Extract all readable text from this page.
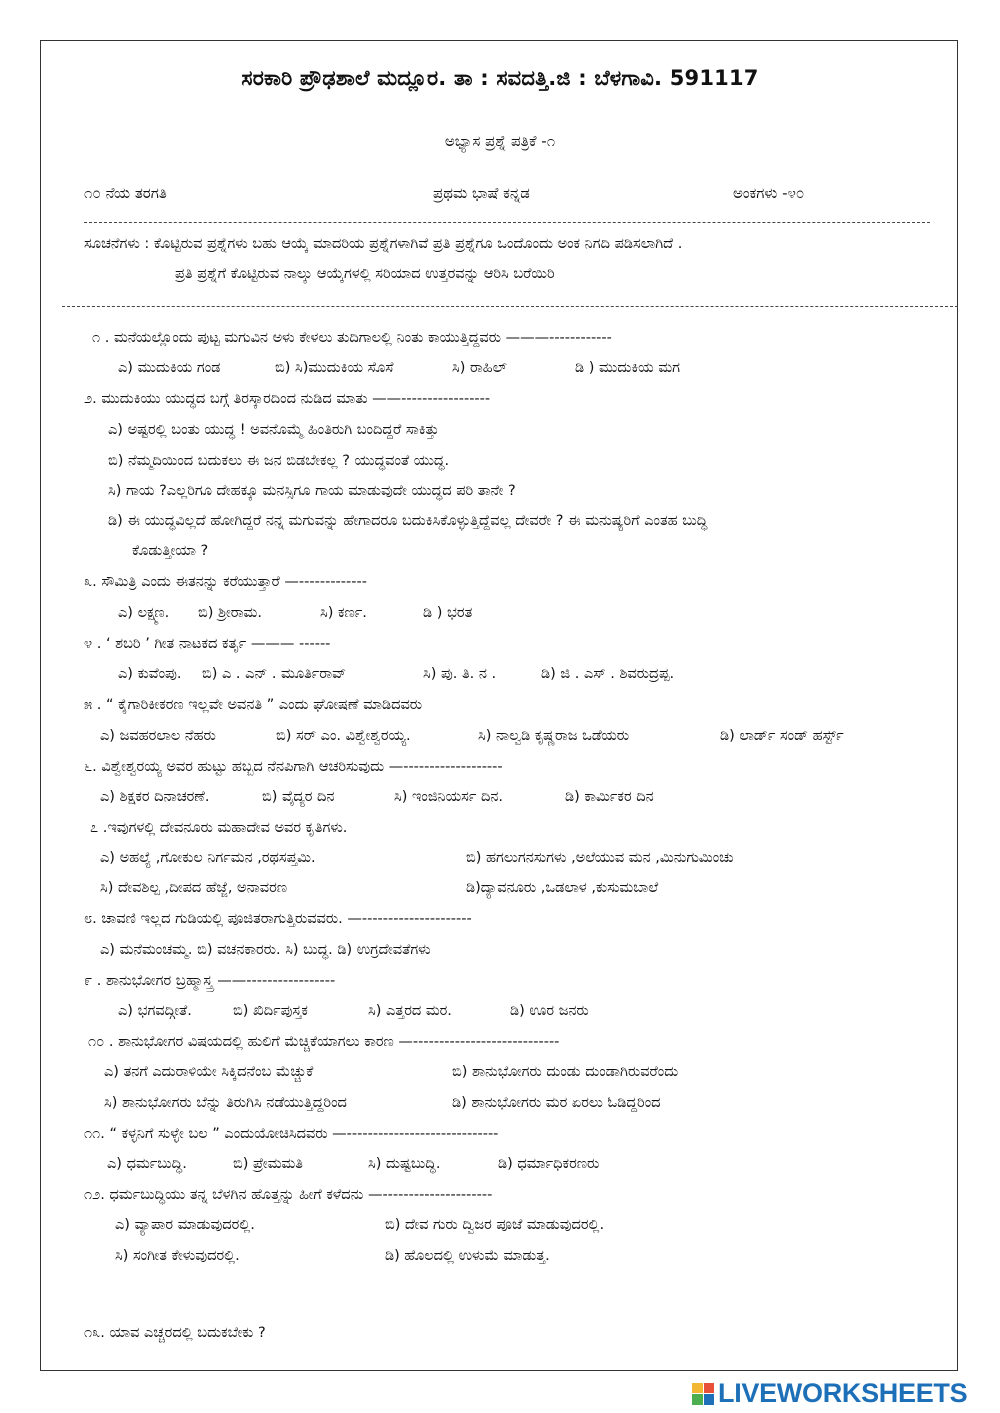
ಸರಕಾರಿ ಪ್ರೌಢಶಾಲೆ ಮದ್ಲೂರ. ತಾ : ಸವದತ್ತಿ.ಜಿ : ಬೆಳಗಾವಿ. 591117
ಅಭ್ಯಾಸ ಪ್ರಶ್ನೆ ಪತ್ರಿಕೆ -೧
೧೦ ನೆಯ ತರಗತಿ	ಪ್ರಥಮ ಭಾಷೆ ಕನ್ನಡ	ಅಂಕಗಳು -೪೦
ಸೂಚನೆಗಳು : ಕೊಟ್ಟಿರುವ ಪ್ರಶ್ನೆಗಳು ಬಹು ಆಯ್ಕೆ ಮಾದರಿಯ ಪ್ರಶ್ನೆಗಳಾಗಿವೆ ಪ್ರತಿ ಪ್ರಶ್ನೆಗೂ ಒಂದೊಂದು ಅಂಕ ನಿಗದಿ ಪಡಿಸಲಾಗಿದೆ .
ಪ್ರತಿ ಪ್ರಶ್ನೆಗೆ ಕೊಟ್ಟಿರುವ ನಾಲ್ಕು ಆಯ್ಕೆಗಳಲ್ಲಿ ಸರಿಯಾದ ಉತ್ತರವನ್ನು ಆರಿಸಿ ಬರೆಯಿರಿ
೧ . ಮನೆಯಲ್ಲೊಂದು ಪುಟ್ಟ ಮಗುವಿನ ಅಳು ಕೇಳಲು ತುದಿಗಾಲಲ್ಲಿ ನಿಂತು ಕಾಯುತ್ತಿದ್ದವರು ———------------
ಎ) ಮುದುಕಿಯ ಗಂಡ	ಬಿ) ಸಿ)ಮುದುಕಿಯ ಸೊಸೆ	ಸಿ) ರಾಹಿಲ್	ಡಿ ) ಮುದುಕಿಯ ಮಗ
೨. ಮುದುಕಿಯು ಯುದ್ಧದ ಬಗ್ಗೆ ತಿರಸ್ಕಾರದಿಂದ ನುಡಿದ ಮಾತು ——-----------------
ಎ) ಅಷ್ಟರಲ್ಲಿ ಬಂತು ಯುದ್ಧ ! ಅವನೊಮ್ಮೆ ಹಿಂತಿರುಗಿ ಬಂದಿದ್ದರೆ ಸಾಕಿತ್ತು
ಬಿ) ನೆಮ್ಮದಿಯಿಂದ ಬದುಕಲು ಈ ಜನ ಬಿಡಬೇಕಲ್ಲ ? ಯುದ್ಧವಂತೆ ಯುದ್ಧ.
ಸಿ) ಗಾಯ ?ಎಲ್ಲರಿಗೂ ದೇಹಕ್ಕೂ ಮನಸ್ಸಿಗೂ ಗಾಯ ಮಾಡುವುದೇ ಯುದ್ಧದ ಪರಿ ತಾನೇ ?
ಡಿ) ಈ ಯುದ್ಧವಿಲ್ಲದೆ ಹೋಗಿದ್ದರೆ ನನ್ನ ಮಗುವನ್ನು ಹೇಗಾದರೂ ಬದುಕಿಸಿಕೊಳ್ಳುತ್ತಿದ್ದೆವಲ್ಲ ದೇವರೇ ? ಈ ಮನುಷ್ಯರಿಗೆ ಎಂತಹ ಬುದ್ಧಿ
ಕೊಡುತ್ತೀಯಾ ?
೩. ಸೌಮಿತ್ರಿ ಎಂದು ಈತನನ್ನು ಕರೆಯುತ್ತಾರೆ —-------------
ಎ) ಲಕ್ಷ್ಮಣ. ಬಿ) ಶ್ರೀರಾಮ.	ಸಿ) ಕರ್ಣ.	ಡಿ ) ಭರತ
೪ . ‘ ಶಬರಿ ’ ಗೀತ ನಾಟಕದ ಕರ್ತೃ ——— ------
ಎ) ಕುವೆಂಪು. ಬಿ) ಎ . ಎನ್ . ಮೂರ್ತಿರಾವ್	ಸಿ) ಪು. ತಿ. ನ .	ಡಿ) ಜಿ . ಎಸ್ . ಶಿವರುದ್ರಪ್ಪ.
೫ . “ ಕೈಗಾರಿಕೀಕರಣ ಇಲ್ಲವೇ ಅವನತಿ ” ಎಂದು ಘೋಷಣೆ ಮಾಡಿದವರು
ಎ) ಜವಹರಲಾಲ ನೆಹರು	ಬಿ) ಸರ್ ಎಂ. ವಿಶ್ವೇಶ್ವರಯ್ಯ.	ಸಿ) ನಾಲ್ವಡಿ ಕೃಷ್ಣರಾಜ ಒಡೆಯರು	ಡಿ) ಲಾರ್ಡ್ ಸಂಡ್ ಹರ್ಸ್ಟ್
೬. ವಿಶ್ವೇಶ್ವರಯ್ಯ ಅವರ ಹುಟ್ಟು ಹಬ್ಬದ ನೆನಪಿಗಾಗಿ ಆಚರಿಸುವುದು —-------------------
ಎ) ಶಿಕ್ಷಕರ ದಿನಾಚರಣೆ.	ಬಿ) ವೈದ್ಯರ ದಿನ	ಸಿ) ಇಂಜಿನಿಯರ್ಸ ದಿನ.	ಡಿ) ಕಾರ್ಮಿಕರ ದಿನ
೭ .ಇವುಗಳಲ್ಲಿ ದೇವನೂರು ಮಹಾದೇವ ಅವರ ಕೃತಿಗಳು.
ಎ) ಅಹಲ್ಯೆ ,ಗೋಕುಲ ನಿರ್ಗಮನ ,ರಥಸಪ್ತಮಿ.	ಬಿ) ಹಗಲುಗನಸುಗಳು ,ಅಲೆಯುವ ಮನ ,ಮಿನುಗುಮಿಂಚು
ಸಿ) ದೇವಶಿಲ್ಪ ,ದೀಪದ ಹೆಜ್ಜೆ, ಅನಾವರಣ	ಡಿ)ದ್ಯಾವನೂರು ,ಒಡಲಾಳ ,ಕುಸುಮಬಾಲೆ
೮. ಚಾವಣಿ ಇಲ್ಲದ ಗುಡಿಯಲ್ಲಿ ಪೂಜಿತರಾಗುತ್ತಿರುವವರು. —---------------------
ಎ) ಮನೆಮಂಚಮ್ಮ. ಬಿ) ವಚನಕಾರರು. ಸಿ) ಬುದ್ಧ. ಡಿ) ಉಗ್ರದೇವತೆಗಳು
೯ . ಶಾನುಭೋಗರ ಬ್ರಹ್ಮಾಸ್ತ್ರ ——-----------------
ಎ) ಭಗವದ್ಗೀತೆ.	ಬಿ) ಖಿರ್ದಿಪುಸ್ತಕ	ಸಿ) ಎತ್ತರದ ಮರ.	ಡಿ) ಊರ ಜನರು
೧೦ . ಶಾನುಭೋಗರ ವಿಷಯದಲ್ಲಿ ಹುಲಿಗೆ ಮೆಚ್ಚಿಕೆಯಾಗಲು ಕಾರಣ —----------------------------
ಎ) ತನಗೆ ಎದುರಾಳಿಯೇ ಸಿಕ್ಕಿದನೆಂಬ ಮೆಚ್ಚುಕೆ	ಬಿ) ಶಾನುಭೋಗರು ದುಂಡು ದುಂಡಾಗಿರುವರೆಂದು
ಸಿ) ಶಾನುಭೋಗರು ಬೆನ್ನು ತಿರುಗಿಸಿ ನಡೆಯುತ್ತಿದ್ದರಿಂದ	ಡಿ) ಶಾನುಭೋಗರು ಮರ ಏರಲು ಓಡಿದ್ದರಿಂದ
೧೧. “ ಕಳ್ಳನಿಗೆ ಸುಳ್ಳೇ ಬಲ ” ಎಂದುಯೋಚಿಸಿದವರು —-----------------------------
ಎ) ಧರ್ಮಬುದ್ಧಿ.	ಬಿ) ಪ್ರೇಮಮತಿ	ಸಿ) ದುಷ್ಟಬುದ್ಧಿ.	ಡಿ) ಧರ್ಮಾಧಿಕರಣರು
೧೨. ಧರ್ಮಬುದ್ಧಿಯು ತನ್ನ ಬೆಳಗಿನ ಹೊತ್ತನ್ನು ಹೀಗೆ ಕಳೆದನು —---------------------
ಎ) ವ್ಯಾಪಾರ ಮಾಡುವುದರಲ್ಲಿ.	ಬಿ) ದೇವ ಗುರು ದ್ವಿಜರ ಪೂಜೆ ಮಾಡುವುದರಲ್ಲಿ.
ಸಿ) ಸಂಗೀತ ಕೇಳುವುದರಲ್ಲಿ.	ಡಿ) ಹೊಲದಲ್ಲಿ ಉಳುಮೆ ಮಾಡುತ್ತ.
೧೩. ಯಾವ ಎಚ್ಚರದಲ್ಲಿ ಬದುಕಬೇಕು ?
LIVEWORKSHEETS
